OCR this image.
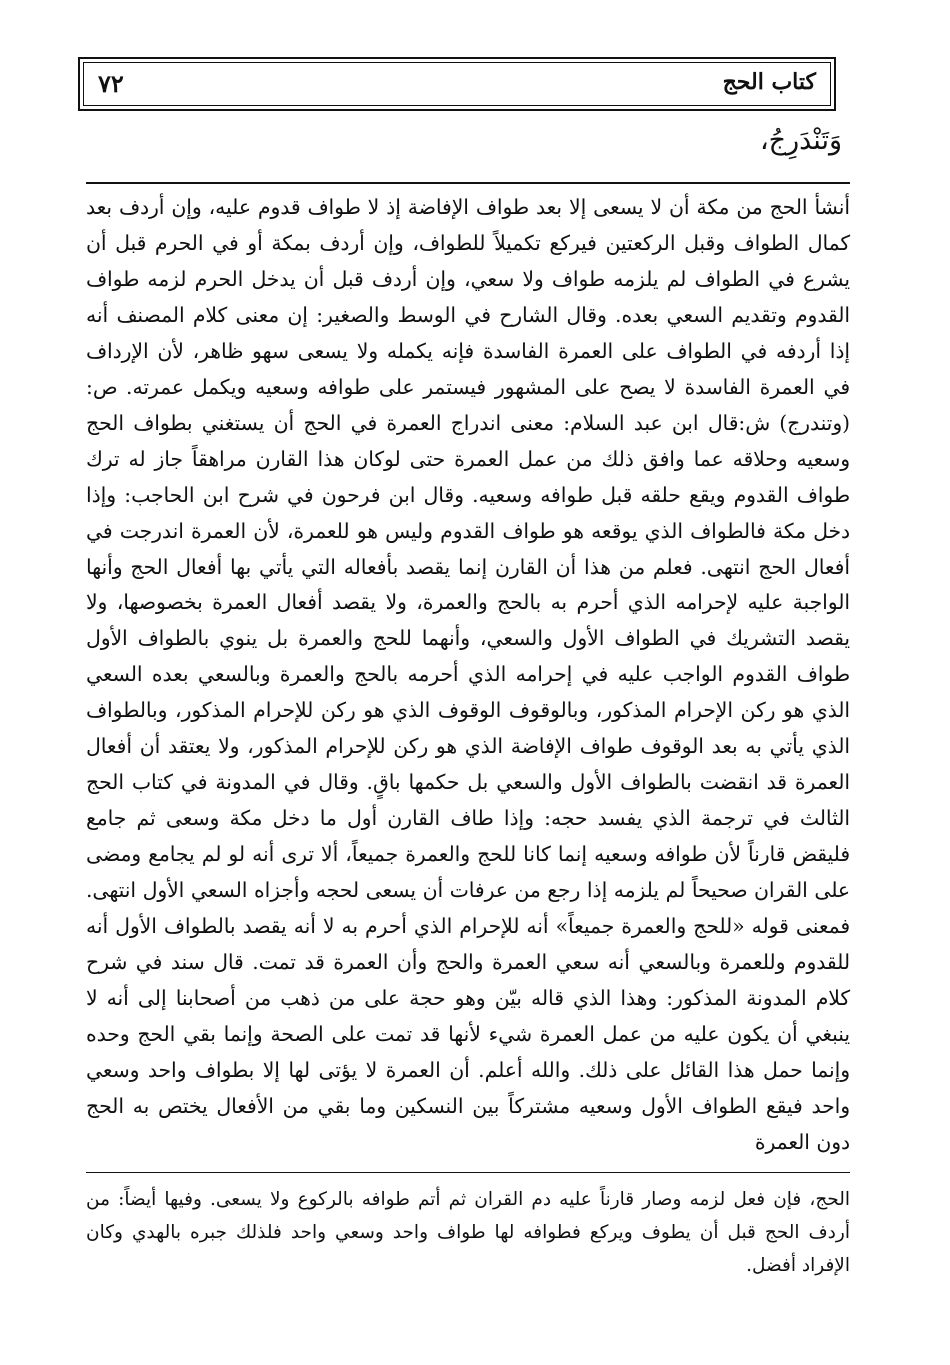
٧٢	كتاب الحج
وَتَنْدَرِجُ،

أنشأ الحج من مكة أن لا يسعى إلا بعد طواف الإفاضة إذ لا طواف قدوم عليه، وإن أردف بعد كمال الطواف وقبل الركعتين فيركع تكميلاً للطواف، وإن أردف بمكة أو في الحرم قبل أن يشرع في الطواف لم يلزمه طواف ولا سعي، وإن أردف قبل أن يدخل الحرم لزمه طواف القدوم وتقديم السعي بعده. وقال الشارح في الوسط والصغير: إن معنى كلام المصنف أنه إذا أردفه في الطواف على العمرة الفاسدة فإنه يكمله ولا يسعى سهو ظاهر، لأن الإرداف في العمرة الفاسدة لا يصح على المشهور فيستمر على طوافه وسعيه ويكمل عمرته. ص: (وتندرج) ش:قال ابن عبد السلام: معنى اندراج العمرة في الحج أن يستغني بطواف الحج وسعيه وحلاقه عما وافق ذلك من عمل العمرة حتى لوكان هذا القارن مراهقاً جاز له ترك طواف القدوم ويقع حلقه قبل طوافه وسعيه. وقال ابن فرحون في شرح ابن الحاجب: وإذا دخل مكة فالطواف الذي يوقعه هو طواف القدوم وليس هو للعمرة، لأن العمرة اندرجت في أفعال الحج انتهى. فعلم من هذا أن القارن إنما يقصد بأفعاله التي يأتي بها أفعال الحج وأنها الواجبة عليه لإحرامه الذي أحرم به بالحج والعمرة، ولا يقصد أفعال العمرة بخصوصها، ولا يقصد التشريك في الطواف الأول والسعي، وأنهما للحج والعمرة بل ينوي بالطواف الأول طواف القدوم الواجب عليه في إحرامه الذي أحرمه بالحج والعمرة وبالسعي بعده السعي الذي هو ركن الإحرام المذكور، وبالوقوف الوقوف الذي هو ركن للإحرام المذكور، وبالطواف الذي يأتي به بعد الوقوف طواف الإفاضة الذي هو ركن للإحرام المذكور، ولا يعتقد أن أفعال العمرة قد انقضت بالطواف الأول والسعي بل حكمها باقٍ. وقال في المدونة في كتاب الحج الثالث في ترجمة الذي يفسد حجه: وإذا طاف القارن أول ما دخل مكة وسعى ثم جامع فليقض قارناً لأن طوافه وسعيه إنما كانا للحج والعمرة جميعاً، ألا ترى أنه لو لم يجامع ومضى على القران صحيحاً لم يلزمه إذا رجع من عرفات أن يسعى لحجه وأجزاه السعي الأول انتهى. فمعنى قوله «للحج والعمرة جميعاً» أنه للإحرام الذي أحرم به لا أنه يقصد بالطواف الأول أنه للقدوم وللعمرة وبالسعي أنه سعي العمرة والحج وأن العمرة قد تمت. قال سند في شرح كلام المدونة المذكور: وهذا الذي قاله بيّن وهو حجة على من ذهب من أصحابنا إلى أنه لا ينبغي أن يكون عليه من عمل العمرة شيء لأنها قد تمت على الصحة وإنما بقي الحج وحده وإنما حمل هذا القائل على ذلك. والله أعلم. أن العمرة لا يؤتى لها إلا بطواف واحد وسعي واحد فيقع الطواف الأول وسعيه مشتركاً بين النسكين وما بقي من الأفعال يختص به الحج دون العمرة

الحج، فإن فعل لزمه وصار قارناً عليه دم القران ثم أتم طوافه بالركوع ولا يسعى. وفيها أيضاً: من أردف الحج قبل أن يطوف ويركع فطوافه لها طواف واحد وسعي واحد فلذلك جبره بالهدي وكان الإفراد أفضل.
